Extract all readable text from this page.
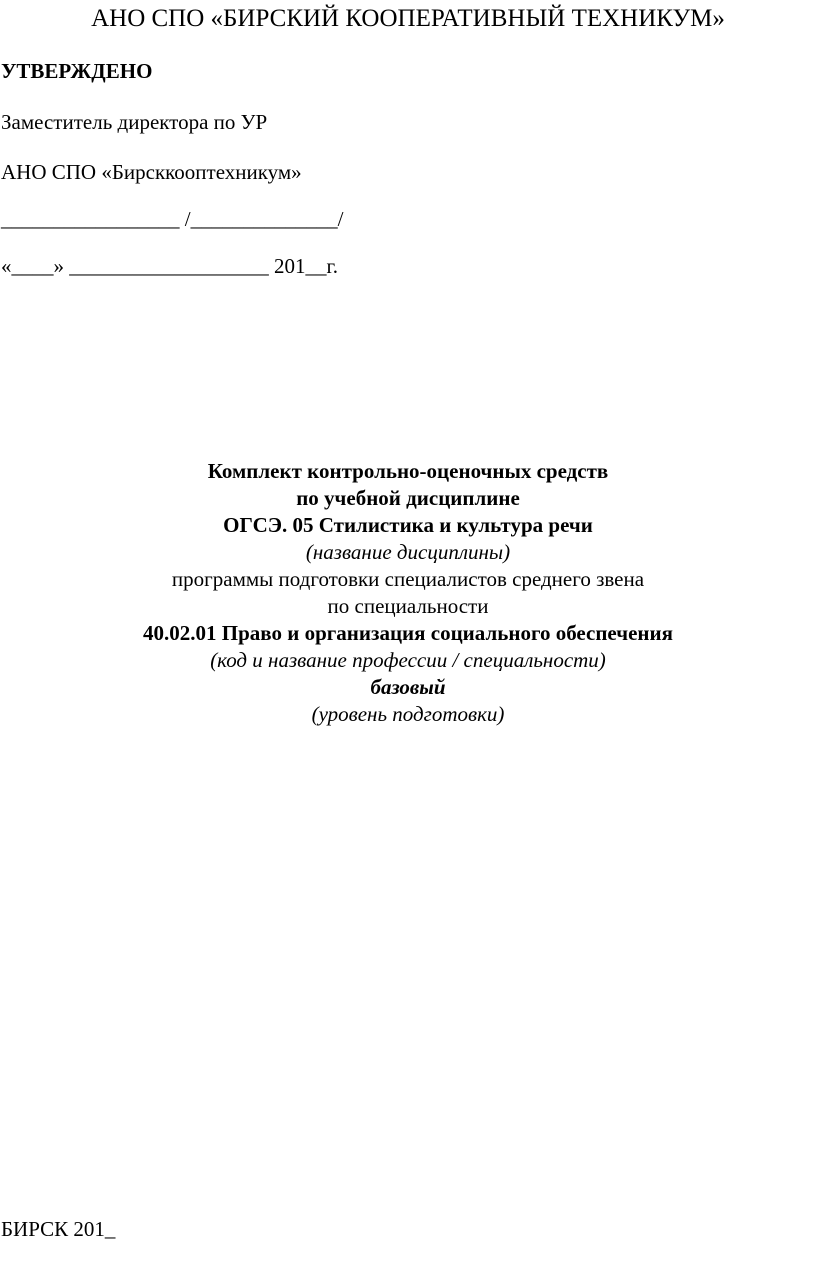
АНО СПО «БИРСКИЙ КООПЕРАТИВНЫЙ ТЕХНИКУМ»
УТВЕРЖДЕНО
Заместитель директора по УР
АНО СПО «Бирсккооптехникум»
_________________ /______________/
«____» ___________________ 201__г.
Комплект контрольно-оценочных средств
по учебной дисциплине
ОГСЭ. 05 Стилистика и культура речи
(название дисциплины)
программы подготовки специалистов среднего звена
по специальности
40.02.01 Право и организация социального обеспечения
(код и название профессии / специальности)
базовый
(уровень подготовки)
БИРСК 201_
